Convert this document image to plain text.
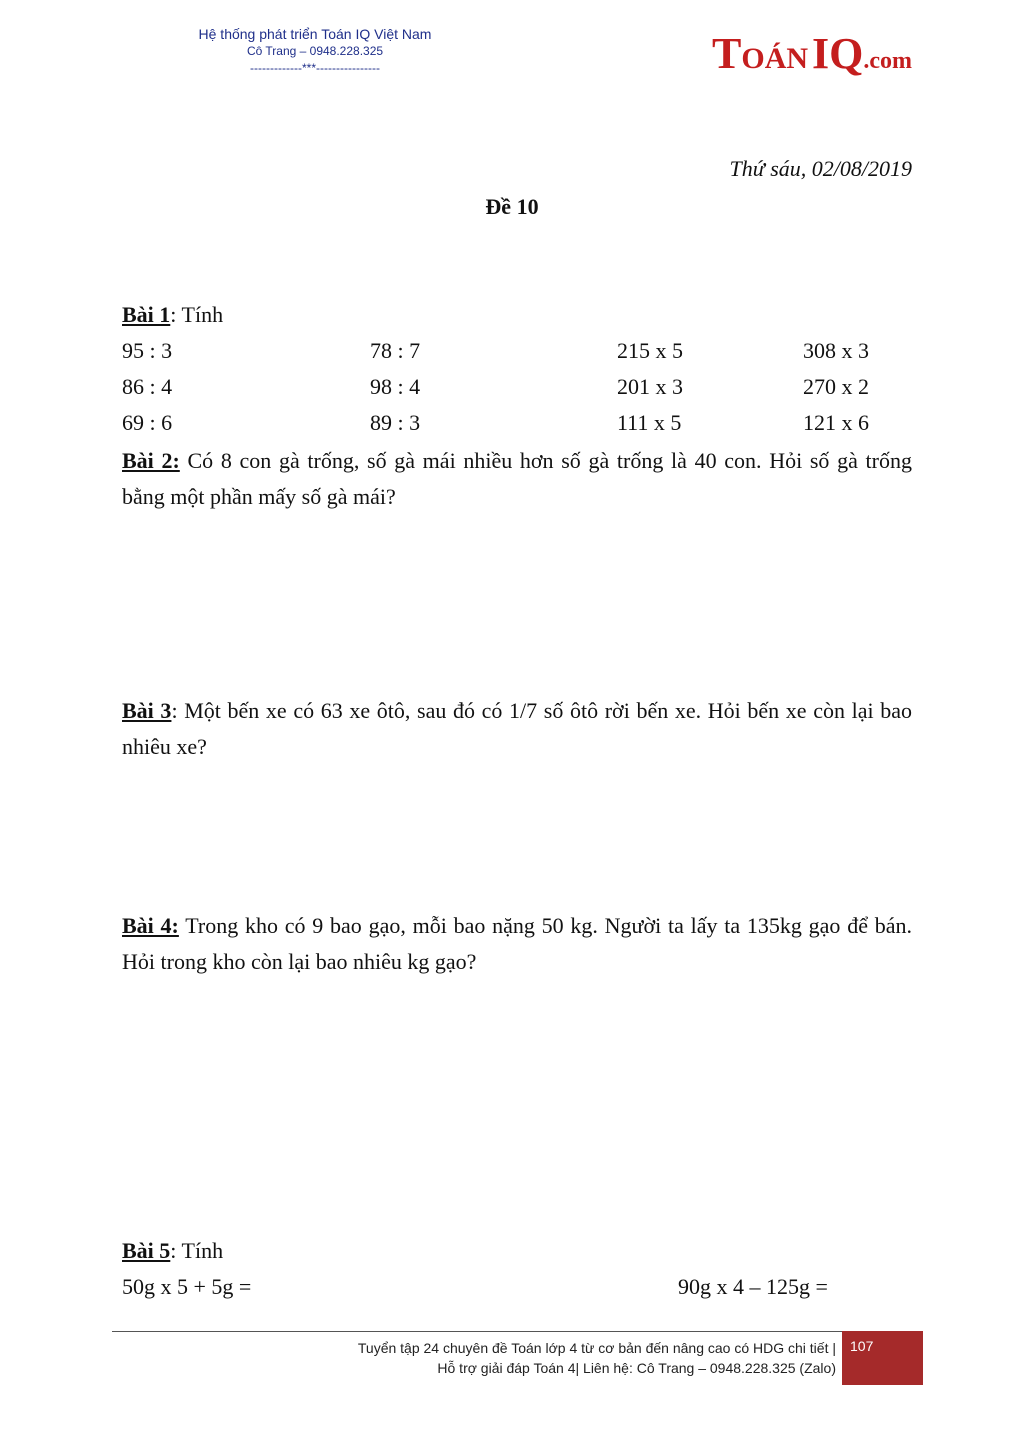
Hệ thống phát triển Toán IQ Việt Nam
Cô Trang – 0948.228.325
-------------***----------------	TOÁN IQ.com
Thứ sáu, 02/08/2019
Đề 10
Bài 1: Tính
95 : 3	78 : 7	215 x 5	308 x 3
86 : 4	98 : 4	201 x 3	270 x 2
69 : 6	89 : 3	111 x 5	121 x 6
Bài 2: Có 8 con gà trống, số gà mái nhiều hơn số gà trống là 40 con. Hỏi số gà trống bằng một phần mấy số gà mái?
Bài 3: Một bến xe có 63 xe ôtô, sau đó có 1/7 số ôtô rời bến xe. Hỏi bến xe còn lại bao nhiêu xe?
Bài 4: Trong kho có 9 bao gạo, mỗi bao nặng 50 kg. Người ta lấy ta 135kg gạo để bán. Hỏi trong kho còn lại bao nhiêu kg gạo?
Bài 5: Tính
50g x 5 + 5g =	90g x 4 – 125g =
Tuyển tập 24 chuyên đề Toán lớp 4 từ cơ bản đến nâng cao có HDG chi tiết |
Hỗ trợ giải đáp Toán 4| Liên hệ: Cô Trang – 0948.228.325 (Zalo)
107
